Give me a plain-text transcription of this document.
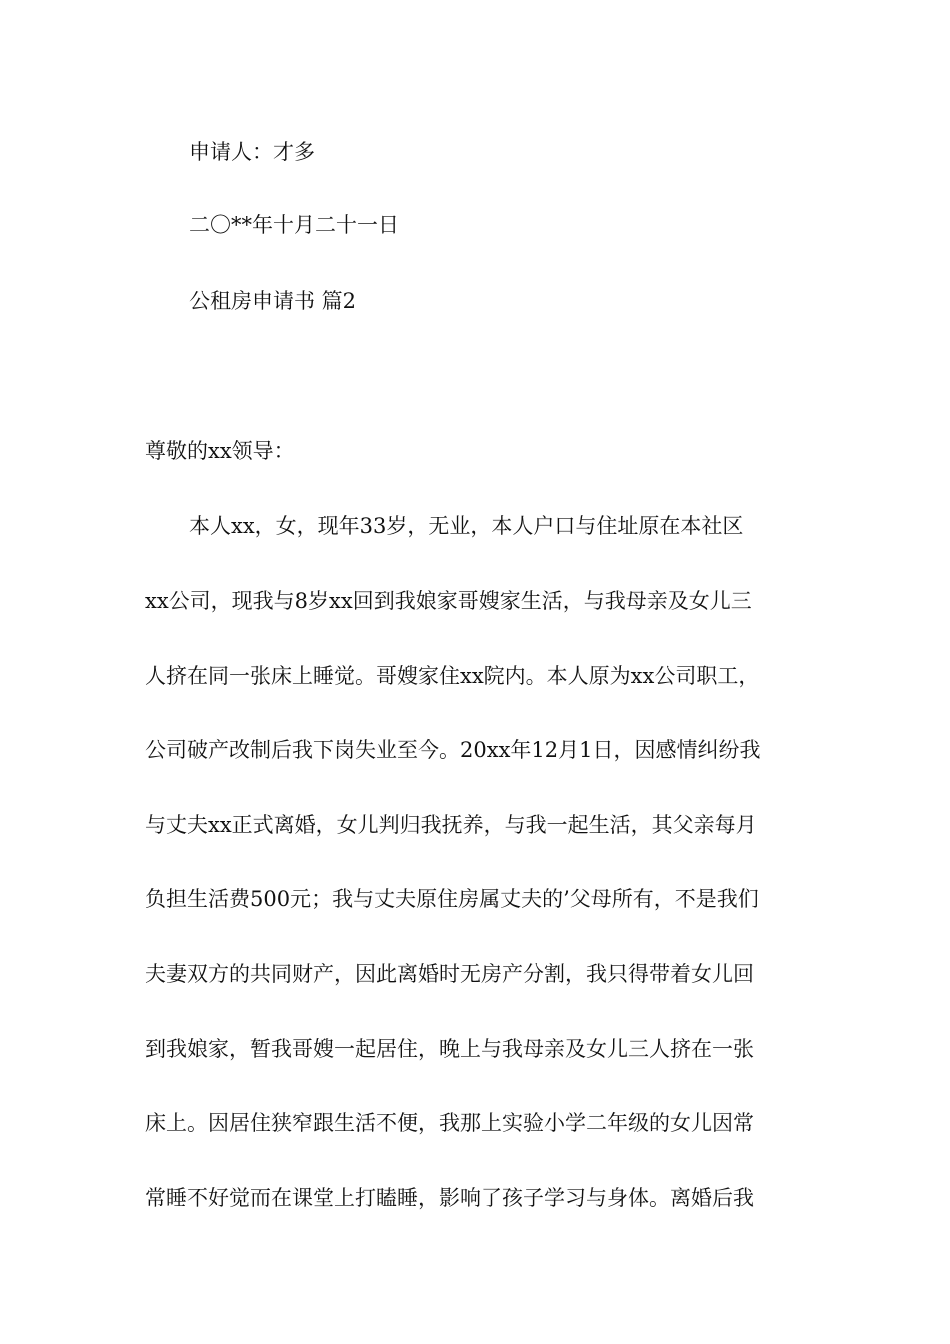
申请人：才多
二〇**年十月二十一日
公租房申请书 篇2
尊敬的xx领导：
本人xx，女，现年33岁，无业，本人户口与住址原在本社区
xx公司，现我与8岁xx回到我娘家哥嫂家生活，与我母亲及女儿三
人挤在同一张床上睡觉。哥嫂家住xx院内。本人原为xx公司职工，
公司破产改制后我下岗失业至今。20xx年12月1日，因感情纠纷我
与丈夫xx正式离婚，女儿判归我抚养，与我一起生活，其父亲每月
负担生活费500元；我与丈夫原住房属丈夫的’父母所有，不是我们
夫妻双方的共同财产，因此离婚时无房产分割，我只得带着女儿回
到我娘家，暂我哥嫂一起居住，晚上与我母亲及女儿三人挤在一张
床上。因居住狭窄跟生活不便，我那上实验小学二年级的女儿因常
常睡不好觉而在课堂上打瞌睡，影响了孩子学习与身体。离婚后我
